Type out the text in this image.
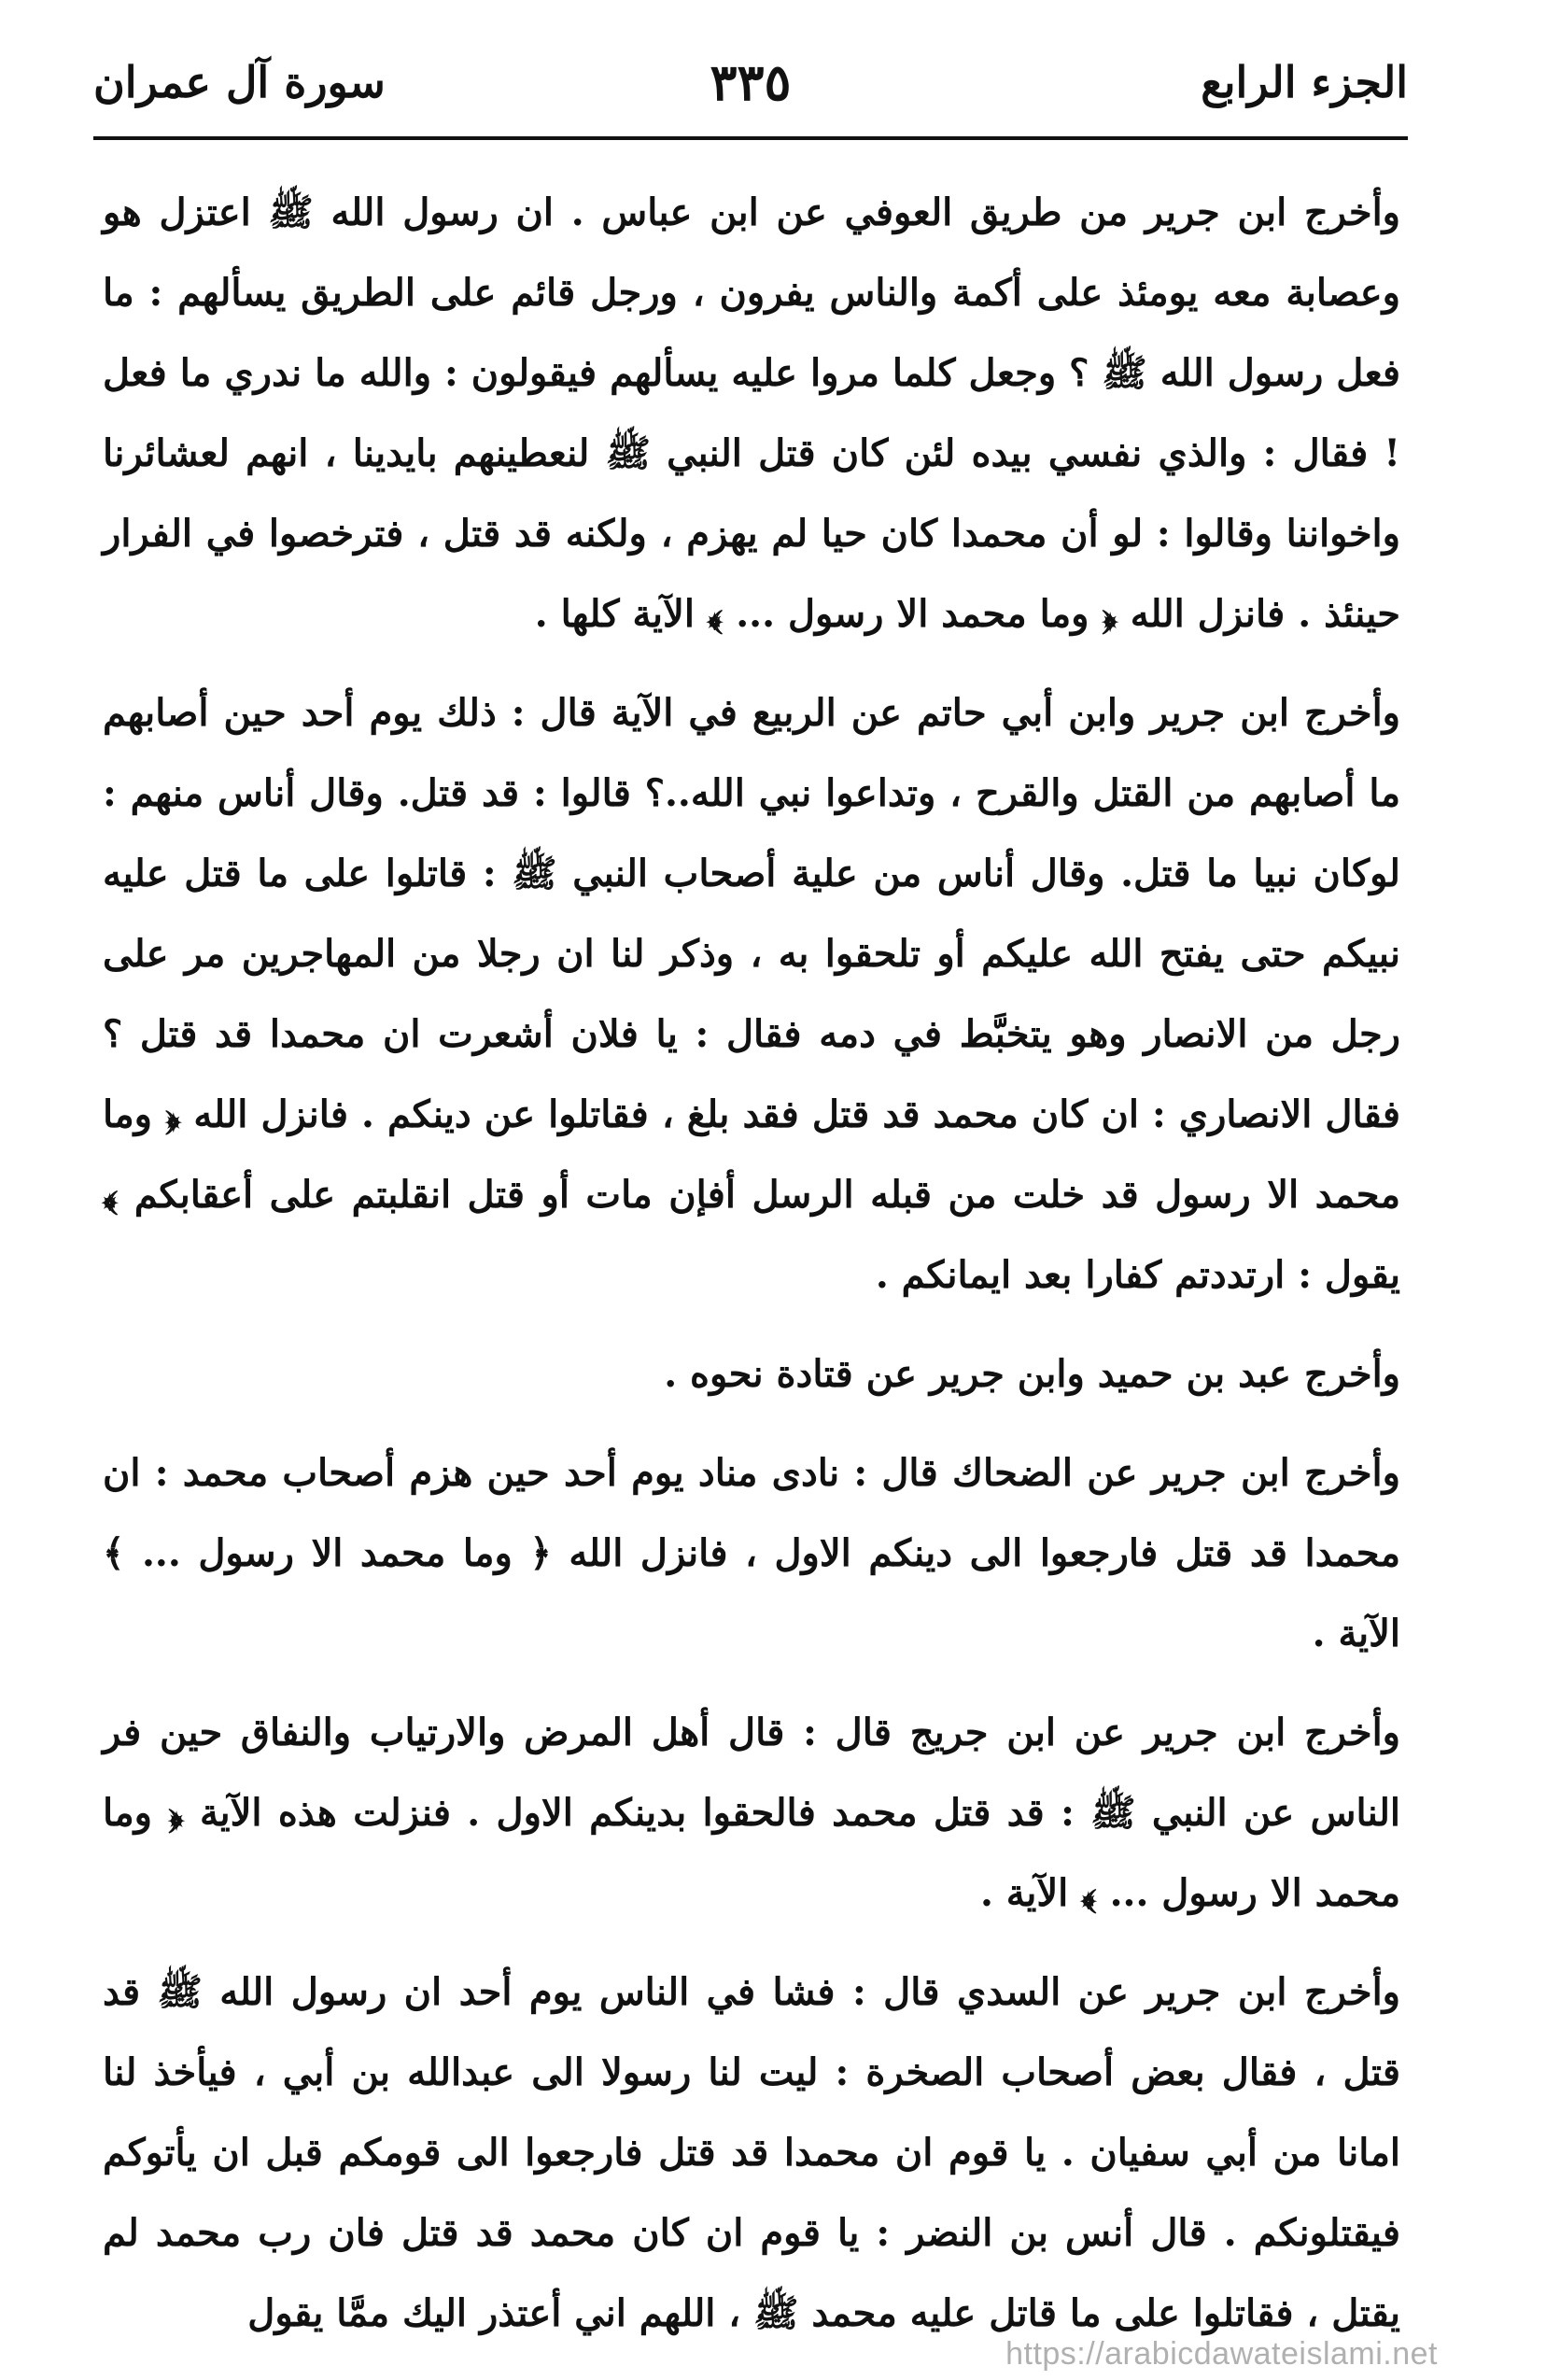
الجزء الرابع
٣٣٥
سورة آل عمران

وأخرج ابن جرير من طريق العوفي عن ابن عباس . ان رسول الله ﷺ اعتزل هو وعصابة معه يومئذ على أكمة والناس يفرون ، ورجل قائم على الطريق يسألهم : ما فعل رسول الله ﷺ ؟ وجعل كلما مروا عليه يسألهم فيقولون : والله ما ندري ما فعل ! فقال : والذي نفسي بيده لئن كان قتل النبي ﷺ لنعطينهم بايدينا ، انهم لعشائرنا واخواننا وقالوا : لو أن محمدا كان حيا لم يهزم ، ولكنه قد قتل ، فترخصوا في الفرار حينئذ . فانزل الله ﴿ وما محمد الا رسول ... ﴾ الآية كلها .

وأخرج ابن جرير وابن أبي حاتم عن الربيع في الآية قال : ذلك يوم أحد حين أصابهم ما أصابهم من القتل والقرح ، وتداعوا نبي الله..؟ قالوا : قد قتل. وقال أناس منهم : لوكان نبيا ما قتل. وقال أناس من علية أصحاب النبي ﷺ : قاتلوا على ما قتل عليه نبيكم حتى يفتح الله عليكم أو تلحقوا به ، وذكر لنا ان رجلا من المهاجرين مر على رجل من الانصار وهو يتخبَّط في دمه فقال : يا فلان أشعرت ان محمدا قد قتل ؟ فقال الانصاري : ان كان محمد قد قتل فقد بلغ ، فقاتلوا عن دينكم . فانزل الله ﴿ وما محمد الا رسول قد خلت من قبله الرسل أفإن مات أو قتل انقلبتم على أعقابكم ﴾ يقول : ارتددتم كفارا بعد ايمانكم .

وأخرج عبد بن حميد وابن جرير عن قتادة نحوه .

وأخرج ابن جرير عن الضحاك قال : نادى مناد يوم أحد حين هزم أصحاب محمد : ان محمدا قد قتل فارجعوا الى دينكم الاول ، فانزل الله ﴿ وما محمد الا رسول ... ﴾ الآية .

وأخرج ابن جرير عن ابن جريج قال : قال أهل المرض والارتياب والنفاق حين فر الناس عن النبي ﷺ : قد قتل محمد فالحقوا بدينكم الاول . فنزلت هذه الآية ﴿ وما محمد الا رسول ... ﴾ الآية .

وأخرج ابن جرير عن السدي قال : فشا في الناس يوم أحد ان رسول الله ﷺ قد قتل ، فقال بعض أصحاب الصخرة : ليت لنا رسولا الى عبدالله بن أبي ، فيأخذ لنا امانا من أبي سفيان . يا قوم ان محمدا قد قتل فارجعوا الى قومكم قبل ان يأتوكم فيقتلونكم . قال أنس بن النضر : يا قوم ان كان محمد قد قتل فان رب محمد لم يقتل ، فقاتلوا على ما قاتل عليه محمد ﷺ ، اللهم اني أعتذر اليك ممَّا يقول

https://arabicdawateislami.net
